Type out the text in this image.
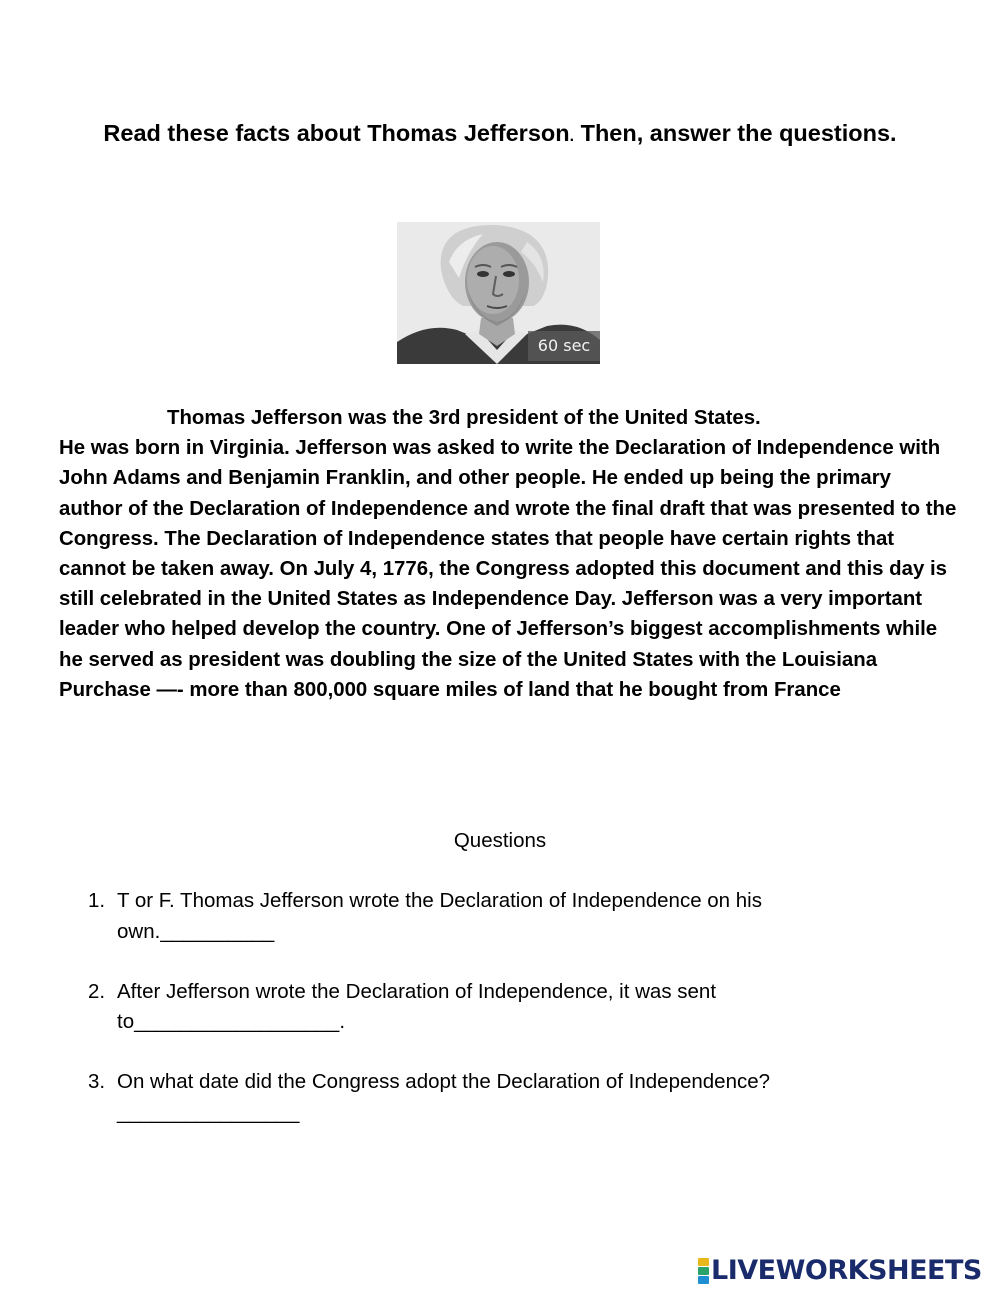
Read these facts about Thomas Jefferson. Then, answer the questions.
60 sec
Thomas Jefferson was the 3rd president of the United States.
He was born in Virginia. Jefferson was asked to write the Declaration of Independence with John Adams and Benjamin Franklin, and other people. He ended up being the primary author of the Declaration of Independence and wrote the final draft that was presented to the Congress. The Declaration of Independence states that people have certain rights that cannot be taken away. On July 4, 1776, the Congress adopted this document and this day is still celebrated in the United States as Independence Day. Jefferson was a very important leader who helped develop the country. One of Jefferson’s biggest accomplishments while he served as president was doubling the size of the United States with the Louisiana Purchase —- more than 800,000 square miles of land that he bought from France
Questions
1. T or F. Thomas Jefferson wrote the Declaration of Independence on his own.__________
2. After Jefferson wrote the Declaration of Independence, it was sent to__________________.
3. On what date did the Congress adopt the Declaration of Independence?________________
LIVEWORKSHEETS
